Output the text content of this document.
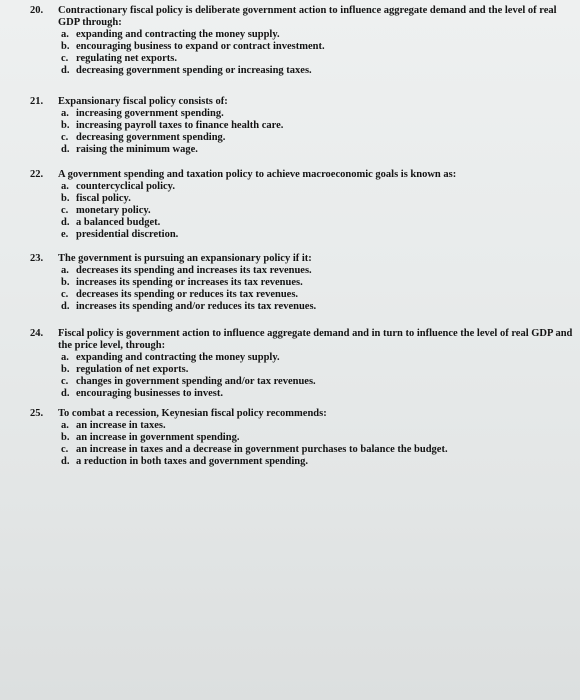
20.	Contractionary fiscal policy is deliberate government action to influence aggregate demand and the level of real GDP through:
a. expanding and contracting the money supply.
b. encouraging business to expand or contract investment.
c. regulating net exports.
d. decreasing government spending or increasing taxes.
21.	Expansionary fiscal policy consists of:
a. increasing government spending.
b. increasing payroll taxes to finance health care.
c. decreasing government spending.
d. raising the minimum wage.
22.	A government spending and taxation policy to achieve macroeconomic goals is known as:
a. countercyclical policy.
b. fiscal policy.
c. monetary policy.
d. a balanced budget.
e. presidential discretion.
23.	The government is pursuing an expansionary policy if it:
a. decreases its spending and increases its tax revenues.
b. increases its spending or increases its tax revenues.
c. decreases its spending or reduces its tax revenues.
d. increases its spending and/or reduces its tax revenues.
24.	Fiscal policy is government action to influence aggregate demand and in turn to influence the level of real GDP and the price level, through:
a. expanding and contracting the money supply.
b. regulation of net exports.
c. changes in government spending and/or tax revenues.
d. encouraging businesses to invest.
25.	To combat a recession, Keynesian fiscal policy recommends:
a. an increase in taxes.
b. an increase in government spending.
c. an increase in taxes and a decrease in government purchases to balance the budget.
d. a reduction in both taxes and government spending.
